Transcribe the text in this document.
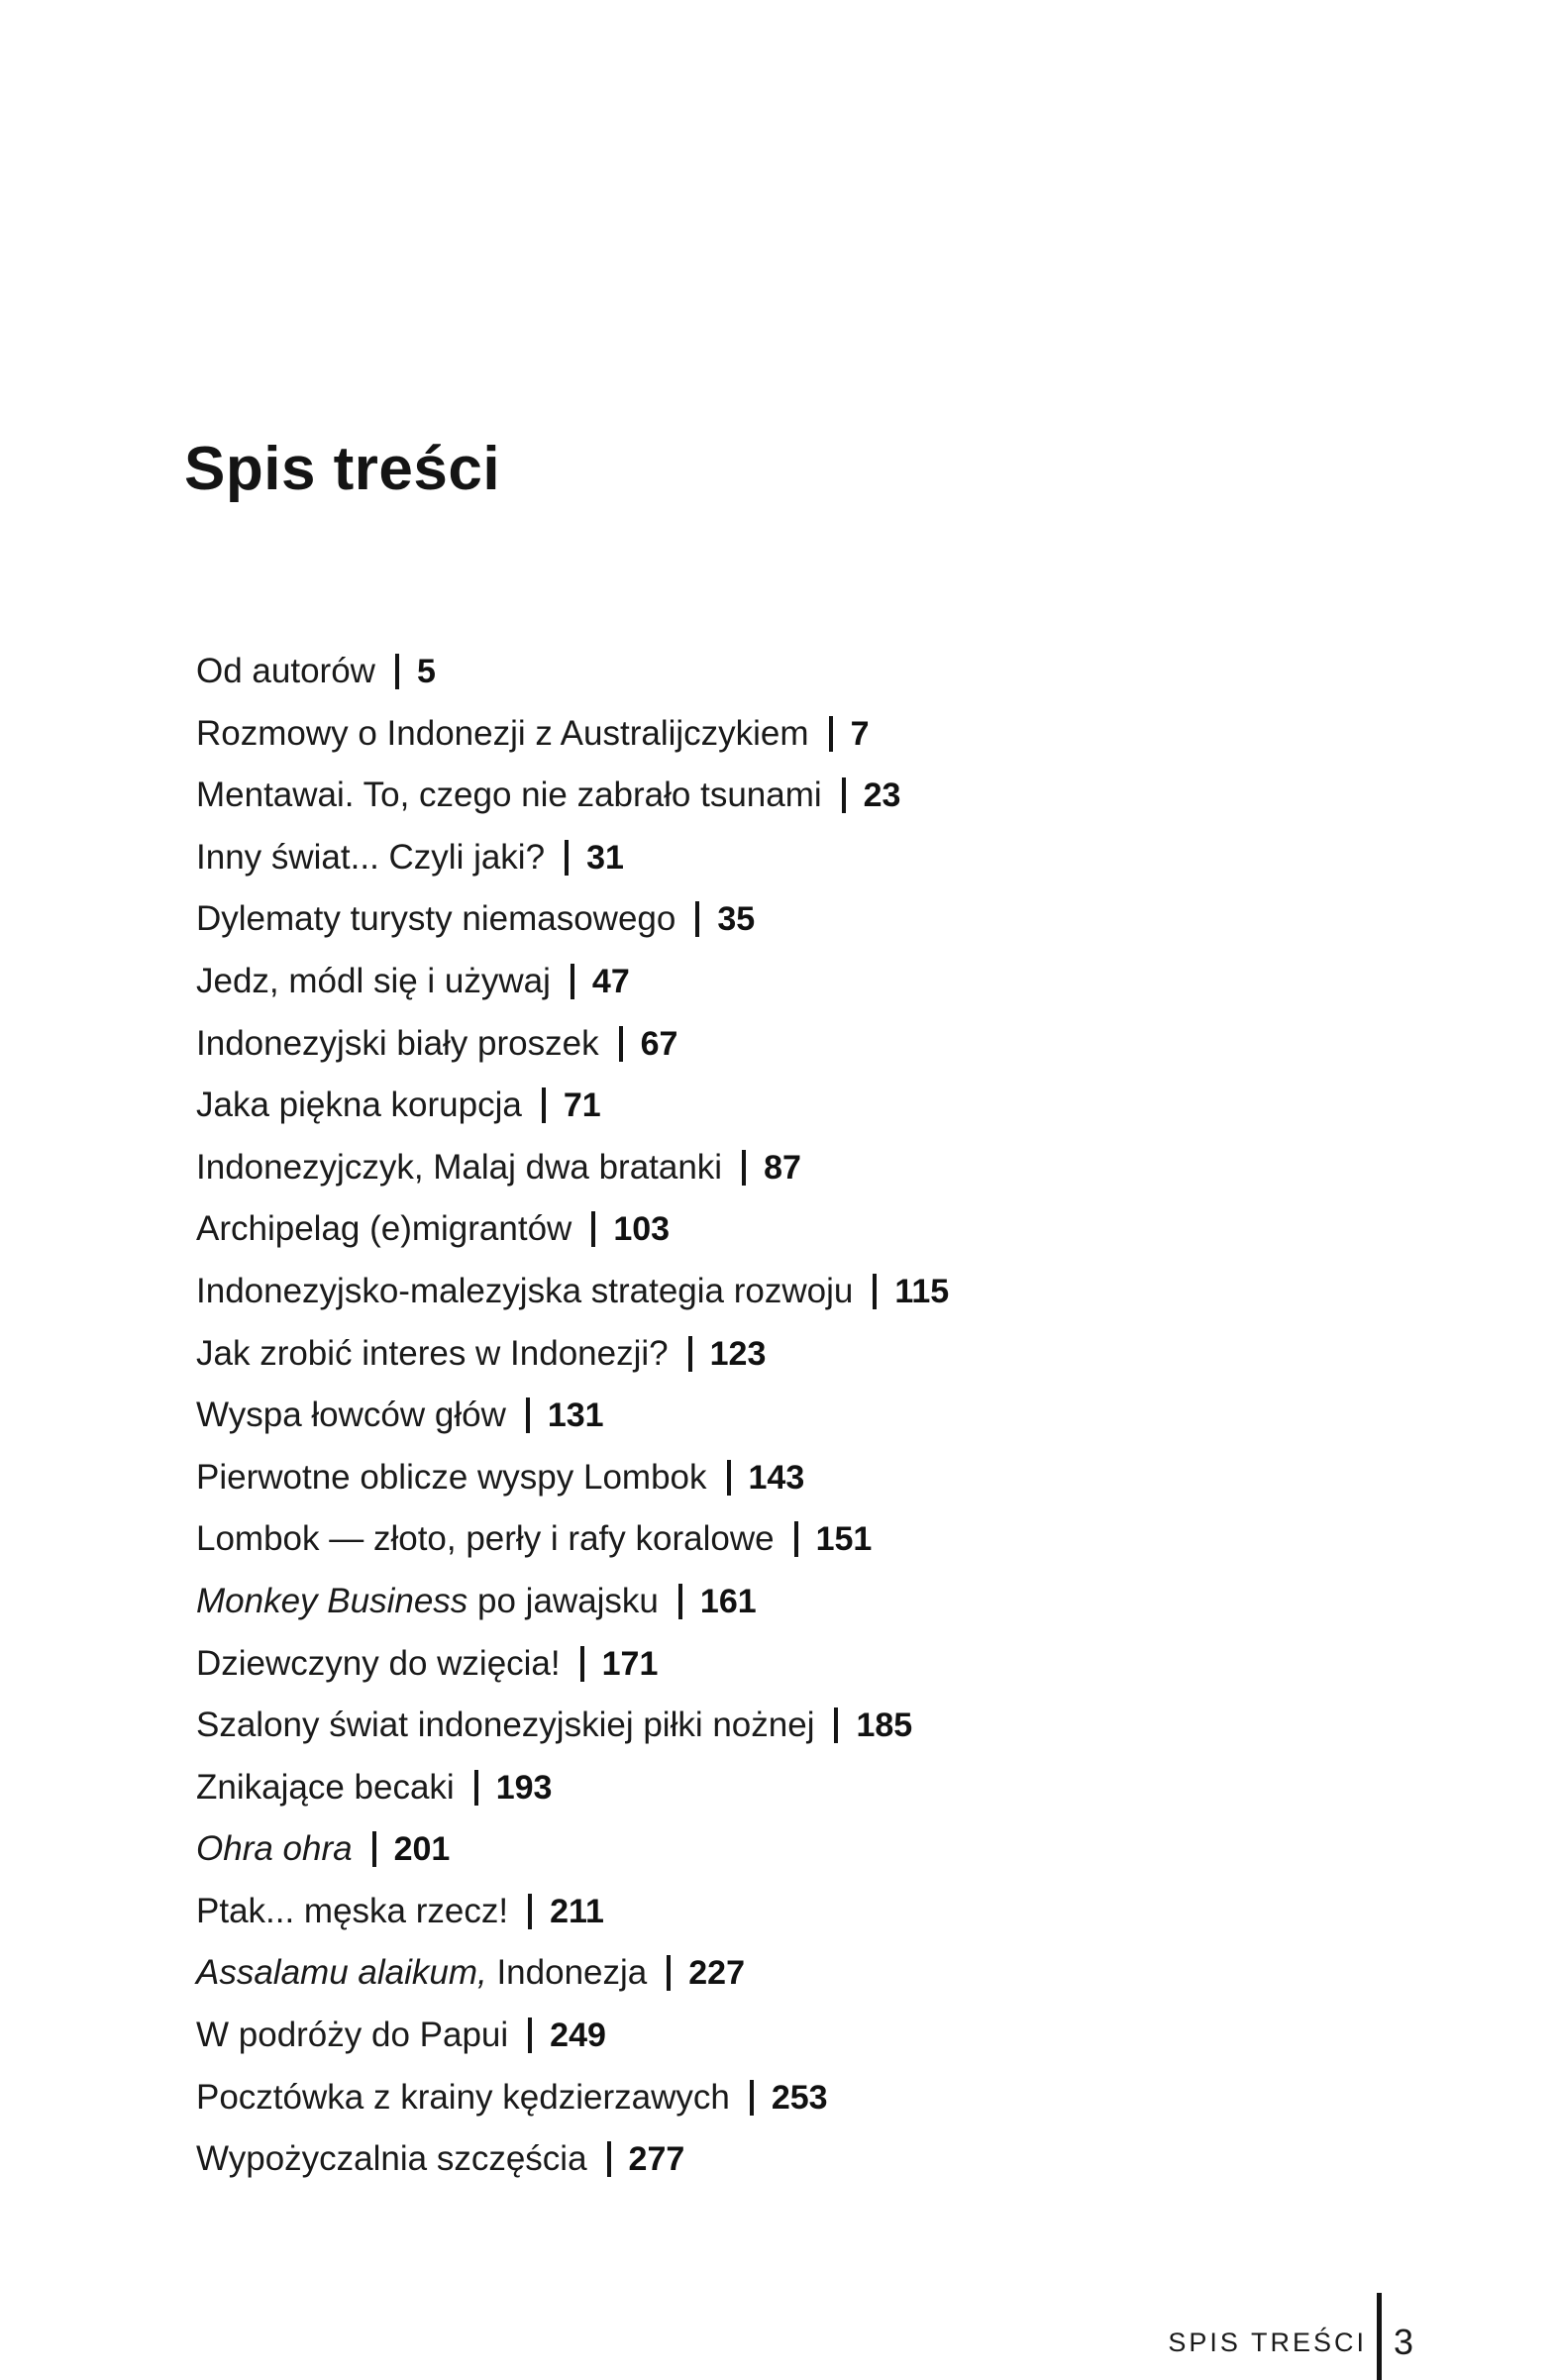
Spis treści
Od autorów 5
Rozmowy o Indonezji z Australijczykiem 7
Mentawai. To, czego nie zabrało tsunami 23
Inny świat... Czyli jaki? 31
Dylematy turysty niemasowego 35
Jedz, módl się i używaj 47
Indonezyjski biały proszek 67
Jaka piękna korupcja 71
Indonezyjczyk, Malaj dwa bratanki 87
Archipelag (e)migrantów 103
Indonezyjsko-malezyjska strategia rozwoju 115
Jak zrobić interes w Indonezji? 123
Wyspa łowców głów 131
Pierwotne oblicze wyspy Lombok 143
Lombok — złoto, perły i rafy koralowe 151
Monkey Business po jawajsku 161
Dziewczyny do wzięcia! 171
Szalony świat indonezyjskiej piłki nożnej 185
Znikające becaki 193
Ohra ohra 201
Ptak... męska rzecz! 211
Assalamu alaikum, Indonezja 227
W podróży do Papui 249
Pocztówka z krainy kędzierzawych 253
Wypożyczalnia szczęścia 277
SPIS TREŚCI 3
